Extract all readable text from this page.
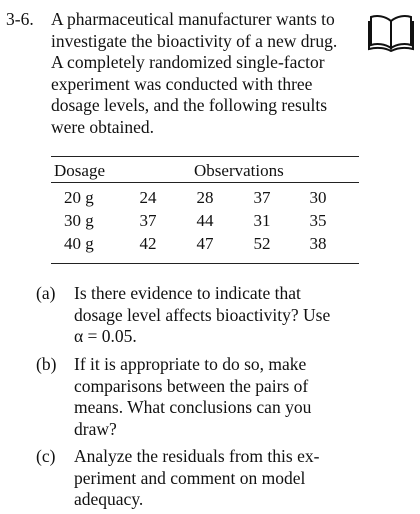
3-6. A pharmaceutical manufacturer wants to
investigate the bioactivity of a new drug.
A completely randomized single-factor
experiment was conducted with three
dosage levels, and the following results
were obtained.
Dosage	Observations
20 g	24 28 37 30
30 g	37 44 31 35
40 g	42 47 52 38
(a) Is there evidence to indicate that
dosage level affects bioactivity? Use
α = 0.05.
(b) If it is appropriate to do so, make
comparisons between the pairs of
means. What conclusions can you
draw?
(c) Analyze the residuals from this ex-
periment and comment on model
adequacy.
